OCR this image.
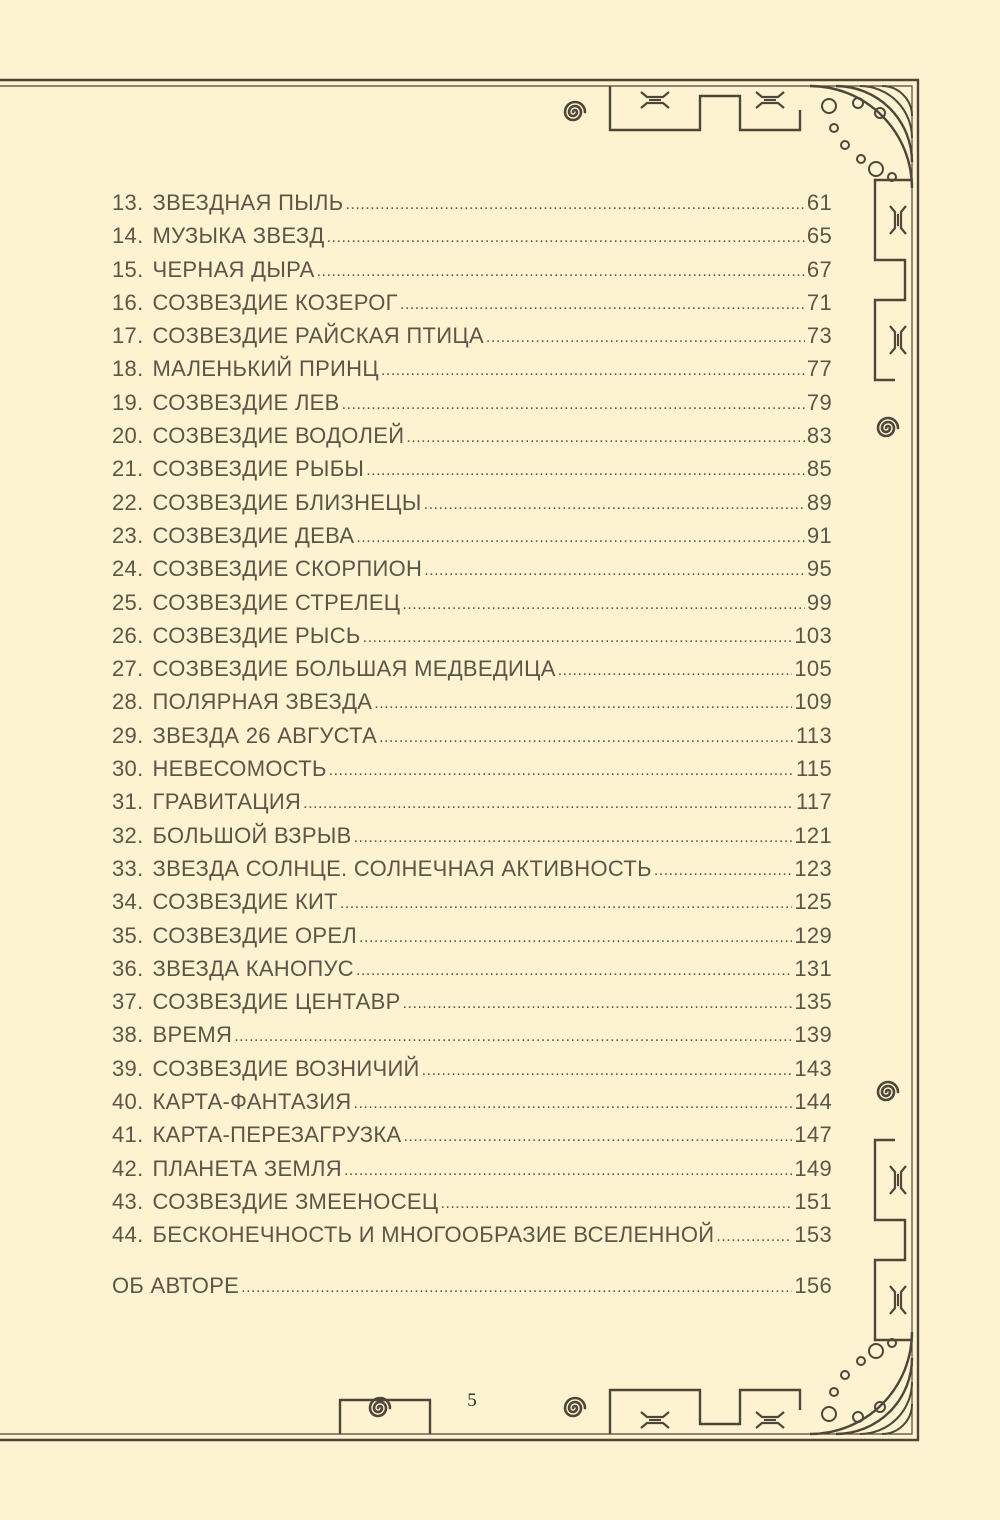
13. ЗВЕЗДНАЯ ПЫЛЬ .....	61
14. МУЗЫКА ЗВЕЗД .....	65
15. ЧЕРНАЯ ДЫРА .....	67
16. СОЗВЕЗДИЕ КОЗЕРОГ .....	71
17. СОЗВЕЗДИЕ РАЙСКАЯ ПТИЦА .....	73
18. МАЛЕНЬКИЙ ПРИНЦ .....	77
19. СОЗВЕЗДИЕ ЛЕВ .....	79
20. СОЗВЕЗДИЕ ВОДОЛЕЙ .....	83
21. СОЗВЕЗДИЕ РЫБЫ .....	85
22. СОЗВЕЗДИЕ БЛИЗНЕЦЫ .....	89
23. СОЗВЕЗДИЕ ДЕВА .....	91
24. СОЗВЕЗДИЕ СКОРПИОН .....	95
25. СОЗВЕЗДИЕ СТРЕЛЕЦ .....	99
26. СОЗВЕЗДИЕ РЫСЬ .....	103
27. СОЗВЕЗДИЕ БОЛЬШАЯ МЕДВЕДИЦА .....	105
28. ПОЛЯРНАЯ ЗВЕЗДА .....	109
29. ЗВЕЗДА 26 АВГУСТА .....	113
30. НЕВЕСОМОСТЬ .....	115
31. ГРАВИТАЦИЯ .....	117
32. БОЛЬШОЙ ВЗРЫВ .....	121
33. ЗВЕЗДА СОЛНЦЕ. СОЛНЕЧНАЯ АКТИВНОСТЬ .....	123
34. СОЗВЕЗДИЕ КИТ .....	125
35. СОЗВЕЗДИЕ ОРЕЛ .....	129
36. ЗВЕЗДА КАНОПУС .....	131
37. СОЗВЕЗДИЕ ЦЕНТАВР .....	135
38. ВРЕМЯ .....	139
39. СОЗВЕЗДИЕ ВОЗНИЧИЙ .....	143
40. КАРТА-ФАНТАЗИЯ .....	144
41. КАРТА-ПЕРЕЗАГРУЗКА .....	147
42. ПЛАНЕТА ЗЕМЛЯ .....	149
43. СОЗВЕЗДИЕ ЗМЕЕНОСЕЦ .....	151
44. БЕСКОНЕЧНОСТЬ И МНОГООБРАЗИЕ ВСЕЛЕННОЙ .....	153
ОБ АВТОРЕ .....	156
5
